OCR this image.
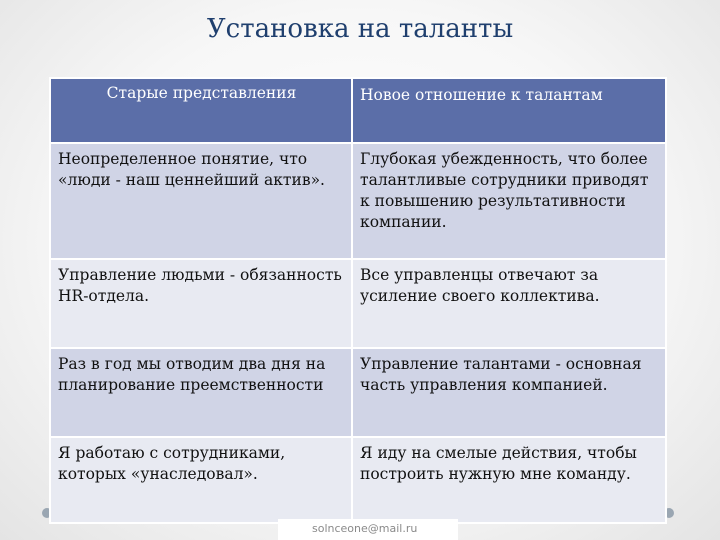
Установка на таланты
Старые представления	Новое отношение к талантам
Неопределенное понятие, что «люди - наш ценнейший актив».	Глубокая убежденность, что более талантливые сотрудники приводят к повышению результативности компании.
Управление людьми - обязанность HR-отдела.	Все управленцы отвечают за усиление своего коллектива.
Раз в год мы отводим два дня на планирование преемственности	Управление талантами - основная часть управления компанией.
Я работаю с сотрудниками, которых «унаследовал».	Я иду на смелые действия, чтобы построить нужную мне команду.
